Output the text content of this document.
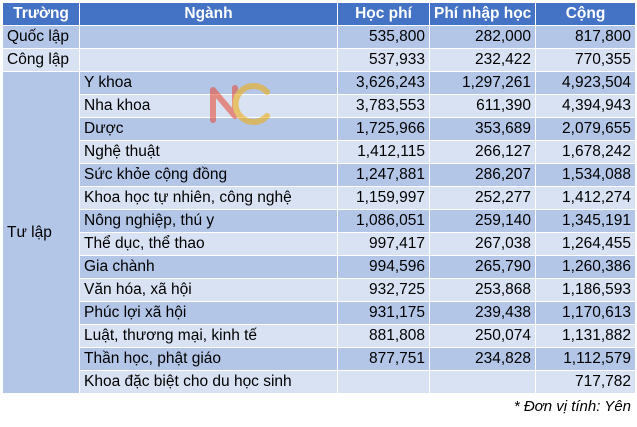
Trường	Ngành	Học phí	Phí nhập học	Cộng
Quốc lập		535,800	282,000	817,800
Công lập		537,933	232,422	770,355
Tư lập	Y khoa	3,626,243	1,297,261	4,923,504
	Nha khoa	3,783,553	611,390	4,394,943
	Dược	1,725,966	353,689	2,079,655
	Nghệ thuật	1,412,115	266,127	1,678,242
	Sức khỏe cộng đồng	1,247,881	286,207	1,534,088
	Khoa học tự nhiên, công nghệ	1,159,997	252,277	1,412,274
	Nông nghiệp, thú y	1,086,051	259,140	1,345,191
	Thể dục, thể thao	997,417	267,038	1,264,455
	Gia chành	994,596	265,790	1,260,386
	Văn hóa, xã hội	932,725	253,868	1,186,593
	Phúc lợi xã hội	931,175	239,438	1,170,613
	Luật, thương mại, kinh tế	881,808	250,074	1,131,882
	Thần học, phật giáo	877,751	234,828	1,112,579
	Khoa đặc biệt cho du học sinh			717,782
* Đơn vị tính: Yên
